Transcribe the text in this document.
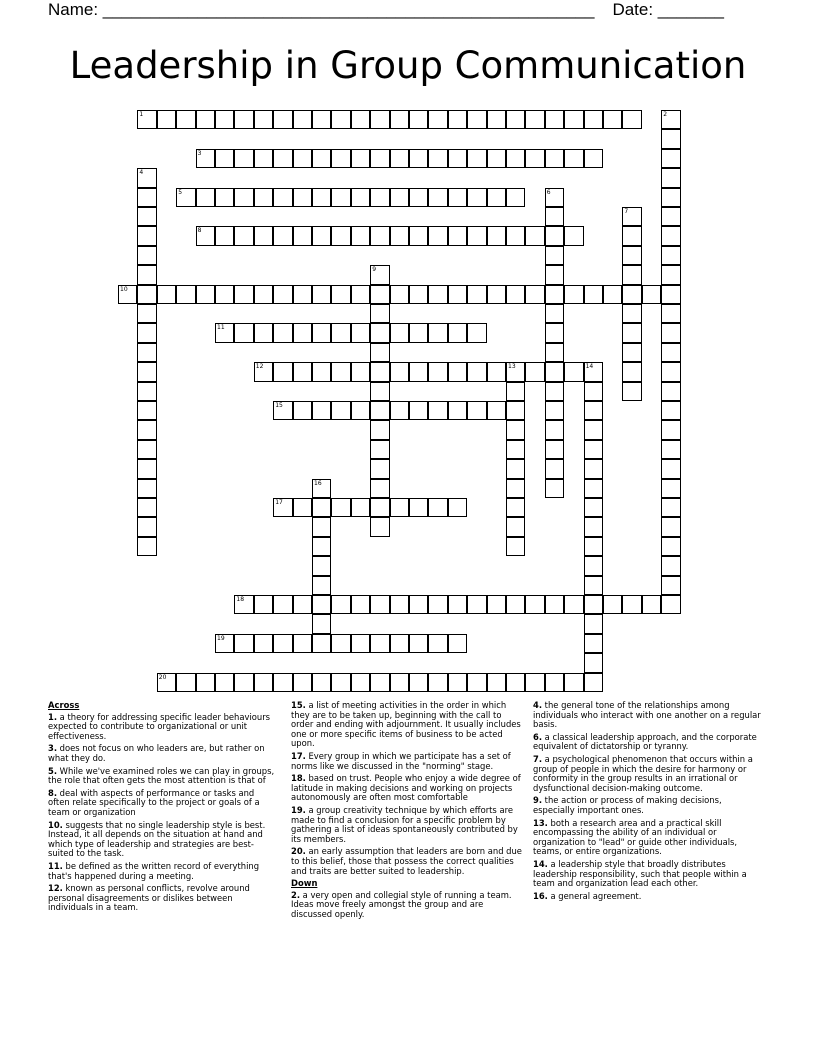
Name: ____________________________________________________ Date: _______
Leadership in Group Communication
1	2
3
4
5	6
7
8
9
10
11
12	13	14
15
16
17
18
19
20
Across
1. a theory for addressing specific leader behaviours expected to contribute to organizational or unit effectiveness.
3. does not focus on who leaders are, but rather on what they do.
5. While we've examined roles we can play in groups, the role that often gets the most attention is that of
8. deal with aspects of performance or tasks and often relate specifically to the project or goals of a team or organization
10. suggests that no single leadership style is best. Instead, it all depends on the situation at hand and which type of leadership and strategies are best-suited to the task.
11. be defined as the written record of everything that's happened during a meeting.
12. known as personal conflicts, revolve around personal disagreements or dislikes between individuals in a team.
15. a list of meeting activities in the order in which they are to be taken up, beginning with the call to order and ending with adjournment. It usually includes one or more specific items of business to be acted upon.
17. Every group in which we participate has a set of norms like we discussed in the "norming" stage.
18. based on trust. People who enjoy a wide degree of latitude in making decisions and working on projects autonomously are often most comfortable
19. a group creativity technique by which efforts are made to find a conclusion for a specific problem by gathering a list of ideas spontaneously contributed by its members.
20. an early assumption that leaders are born and due to this belief, those that possess the correct qualities and traits are better suited to leadership.
Down
2. a very open and collegial style of running a team. Ideas move freely amongst the group and are discussed openly.
4. the general tone of the relationships among individuals who interact with one another on a regular basis.
6. a classical leadership approach, and the corporate equivalent of dictatorship or tyranny.
7. a psychological phenomenon that occurs within a group of people in which the desire for harmony or conformity in the group results in an irrational or dysfunctional decision-making outcome.
9. the action or process of making decisions, especially important ones.
13. both a research area and a practical skill encompassing the ability of an individual or organization to "lead" or guide other individuals, teams, or entire organizations.
14. a leadership style that broadly distributes leadership responsibility, such that people within a team and organization lead each other.
16. a general agreement.
